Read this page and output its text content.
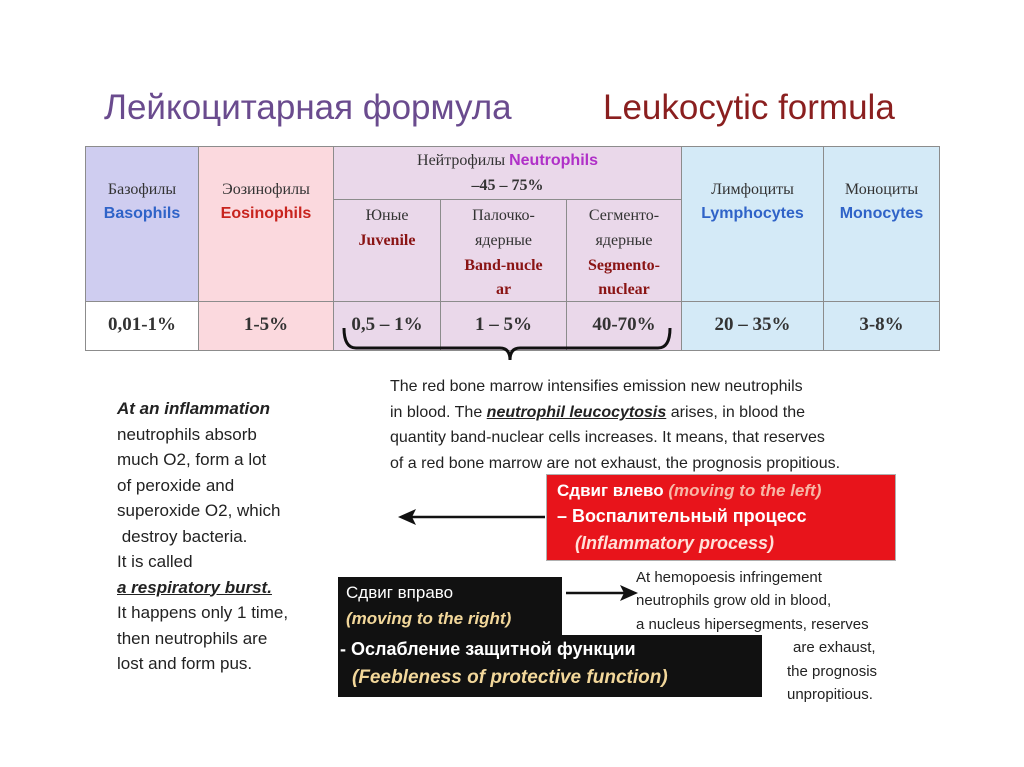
Лейкоцитарная формула	Leukocytic formula
Базофилы
Basophils
0,01-1%
Эозинофилы
Eosinophils
1-5%
Нейтрофилы Neutrophils
–45 – 75%
Юные
Juvenile
0,5 – 1%
Палочко-
ядерные
Band-nucle
ar
1 – 5%
Сегменто-
ядерные
Segmento-
nuclear
40-70%
Лимфоциты
Lymphocytes
20 – 35%
Моноциты
Monocytes
3-8%
The red bone marrow intensifies emission new neutrophils
in blood. The neutrophil leucocytosis arises, in blood the
quantity band-nuclear cells increases. It means, that reserves
of a red bone marrow are not exhaust, the prognosis propitious.
At an inflammation
neutrophils absorb
much O2, form a lot
of peroxide and
superoxide O2, which
destroy bacteria.
It is called
a respiratory burst.
It happens only 1 time,
then neutrophils are
lost and form pus.
Сдвиг влево (moving to the left)
– Воспалительный процесс
(Inflammatory process)
Сдвиг вправо
(moving to the right)
- Ослабление защитной функции
(Feebleness of protective function)
At hemopoesis infringement
neutrophils grow old in blood,
a nucleus hipersegments, reserves
are exhaust,
the prognosis
unpropitious.
